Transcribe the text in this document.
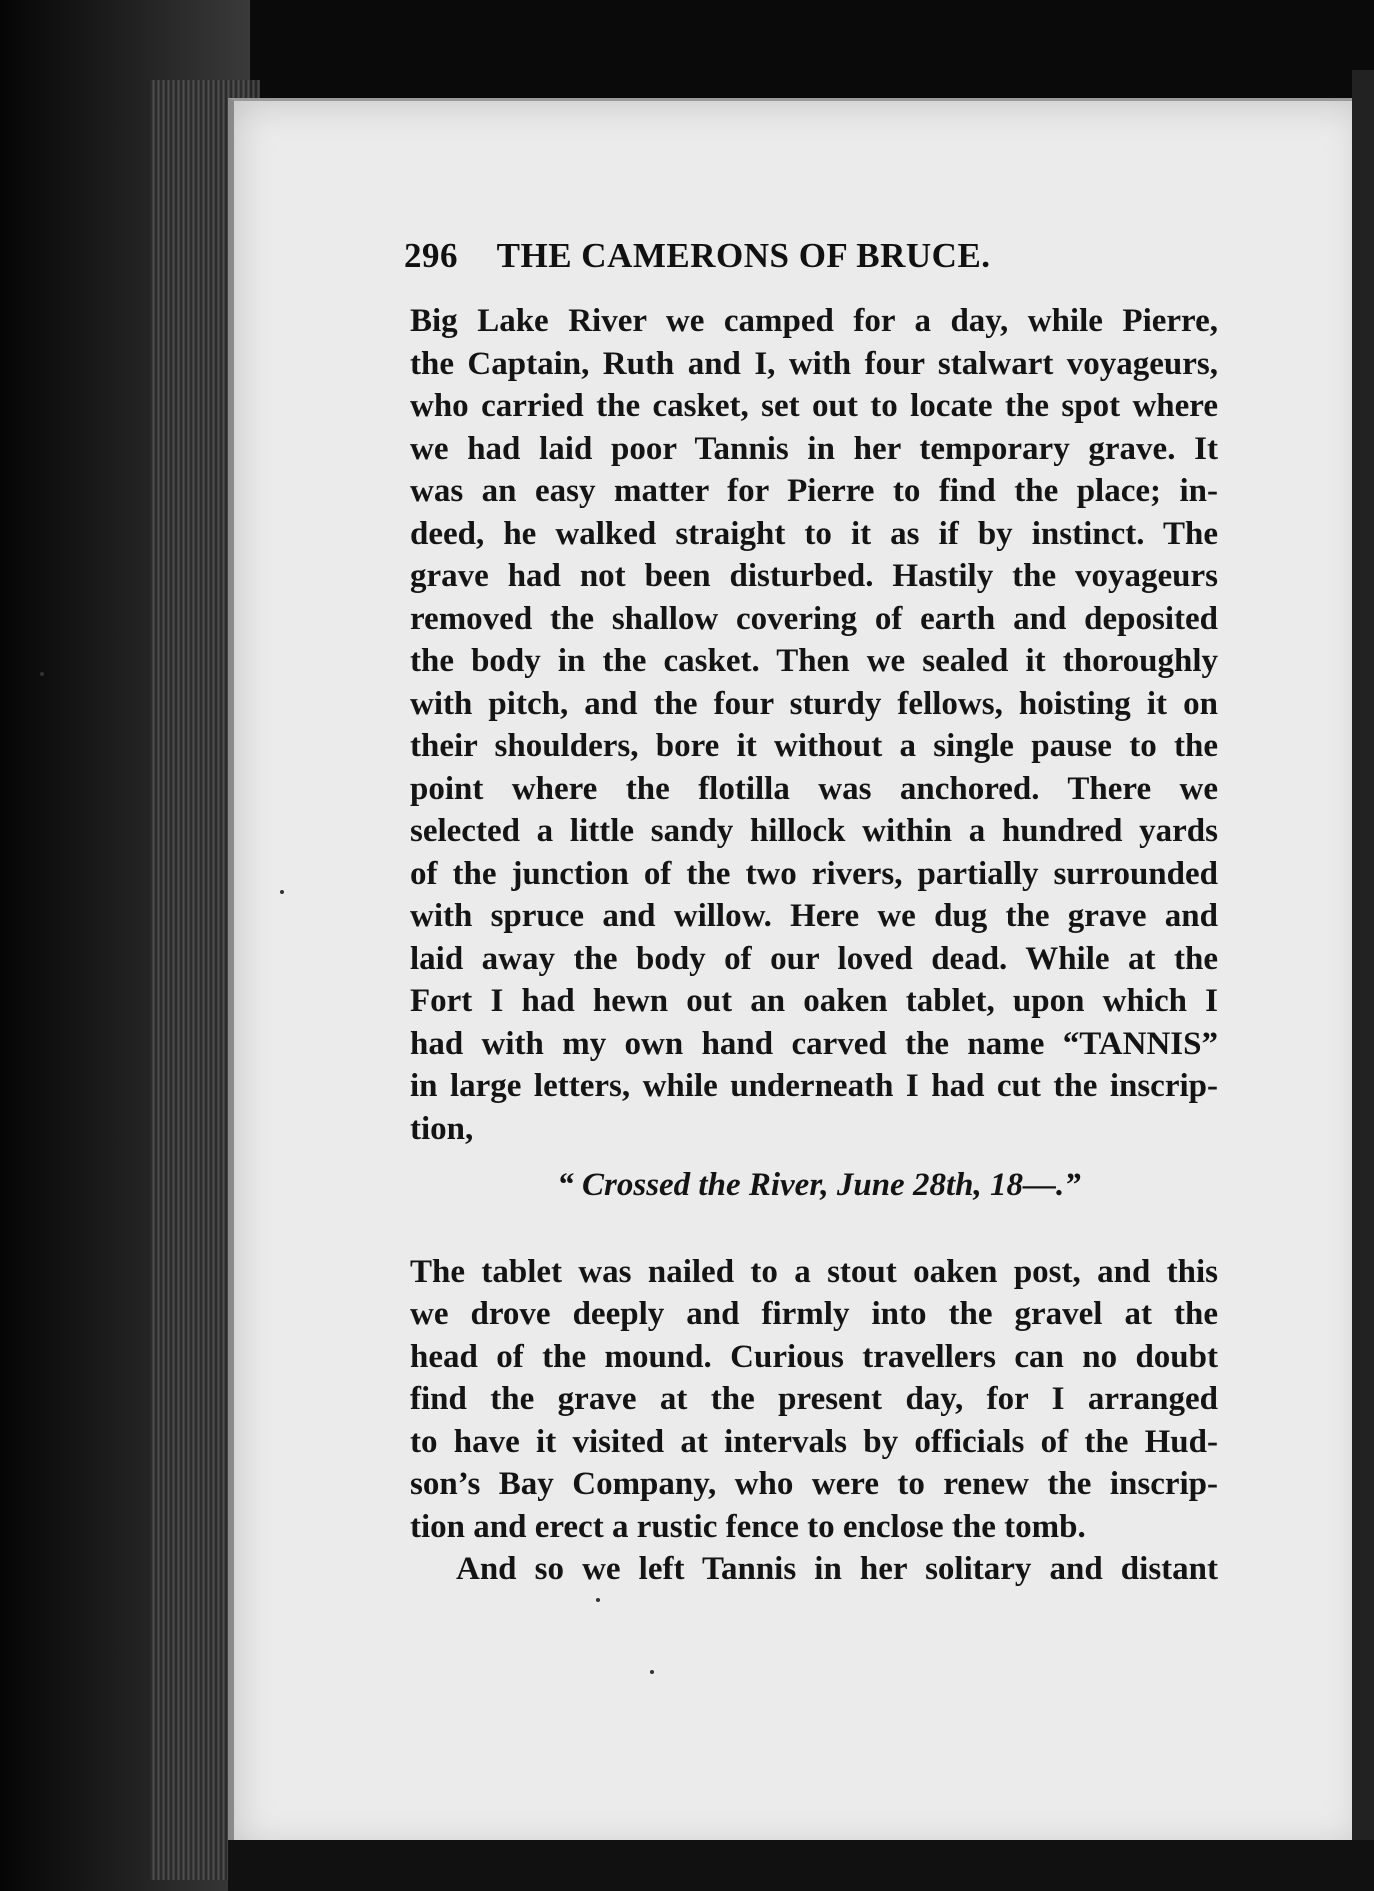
296 THE CAMERONS OF BRUCE.
Big Lake River we camped for a day, while Pierre,
the Captain, Ruth and I, with four stalwart voyageurs,
who carried the casket, set out to locate the spot where
we had laid poor Tannis in her temporary grave. It
was an easy matter for Pierre to find the place; in-
deed, he walked straight to it as if by instinct. The
grave had not been disturbed. Hastily the voyageurs
removed the shallow covering of earth and deposited
the body in the casket. Then we sealed it thoroughly
with pitch, and the four sturdy fellows, hoisting it on
their shoulders, bore it without a single pause to the
point where the flotilla was anchored. There we
selected a little sandy hillock within a hundred yards
of the junction of the two rivers, partially surrounded
with spruce and willow. Here we dug the grave and
laid away the body of our loved dead. While at the
Fort I had hewn out an oaken tablet, upon which I
had with my own hand carved the name “TANNIS”
in large letters, while underneath I had cut the inscrip-
tion,
“ Crossed the River, June 28th, 18—.”
The tablet was nailed to a stout oaken post, and this
we drove deeply and firmly into the gravel at the
head of the mound. Curious travellers can no doubt
find the grave at the present day, for I arranged
to have it visited at intervals by officials of the Hud-
son’s Bay Company, who were to renew the inscrip-
tion and erect a rustic fence to enclose the tomb.
And so we left Tannis in her solitary and distant
